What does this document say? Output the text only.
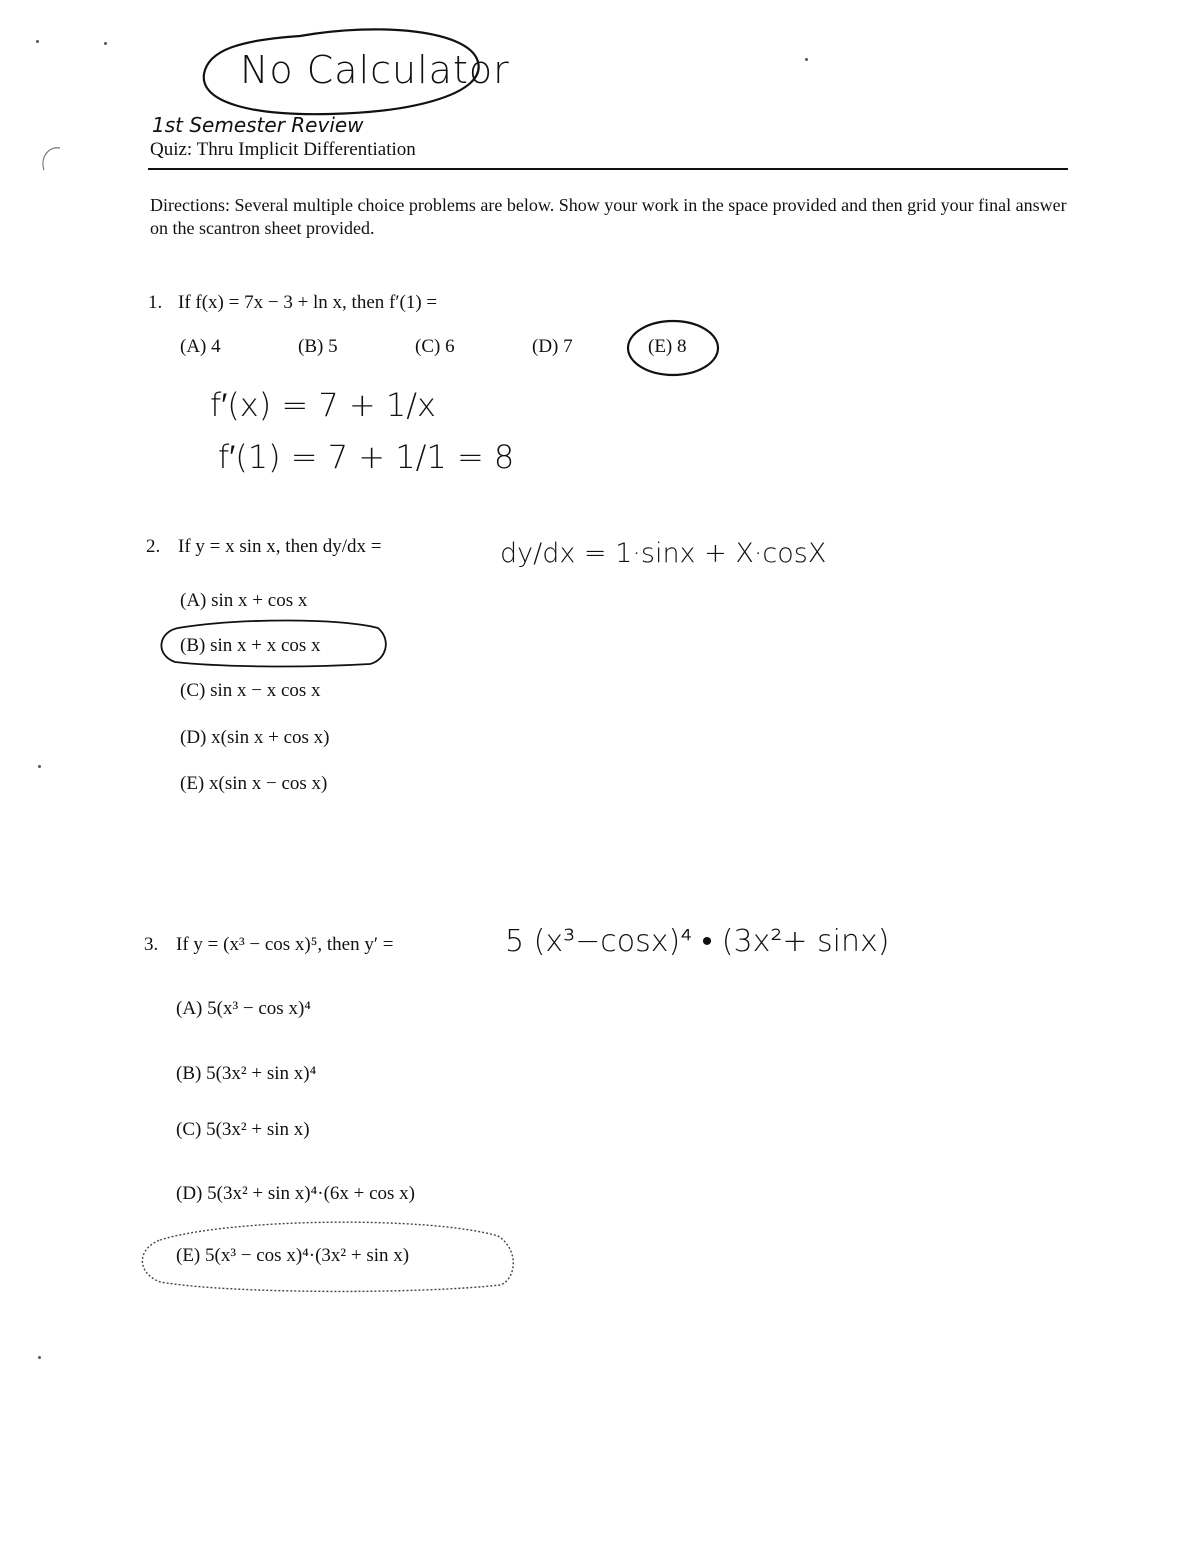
No Calculator
1st Semester Review
Quiz: Thru Implicit Differentiation
Directions: Several multiple choice problems are below. Show your work in the space provided and then grid your final answer on the scantron sheet provided.
1. If f(x) = 7x − 3 + ln x, then f′(1) =
(A) 4	(B) 5	(C) 6	(D) 7	(E) 8
f′(x) = 7 + 1/x
f′(1) = 7 + 1/1 = 8
2. If y = x sin x, then dy/dx =	dy/dx = 1·sinx + X·cosX
(A) sin x + cos x
(B) sin x + x cos x
(C) sin x − x cos x
(D) x(sin x + cos x)
(E) x(sin x − cos x)
3. If y = (x³ − cos x)⁵, then y′ =	5 (x³−cosx)⁴ • (3x²+ sinx)
(A) 5(x³ − cos x)⁴
(B) 5(3x² + sin x)⁴
(C) 5(3x² + sin x)
(D) 5(3x² + sin x)⁴·(6x + cos x)
(E) 5(x³ − cos x)⁴·(3x² + sin x)
